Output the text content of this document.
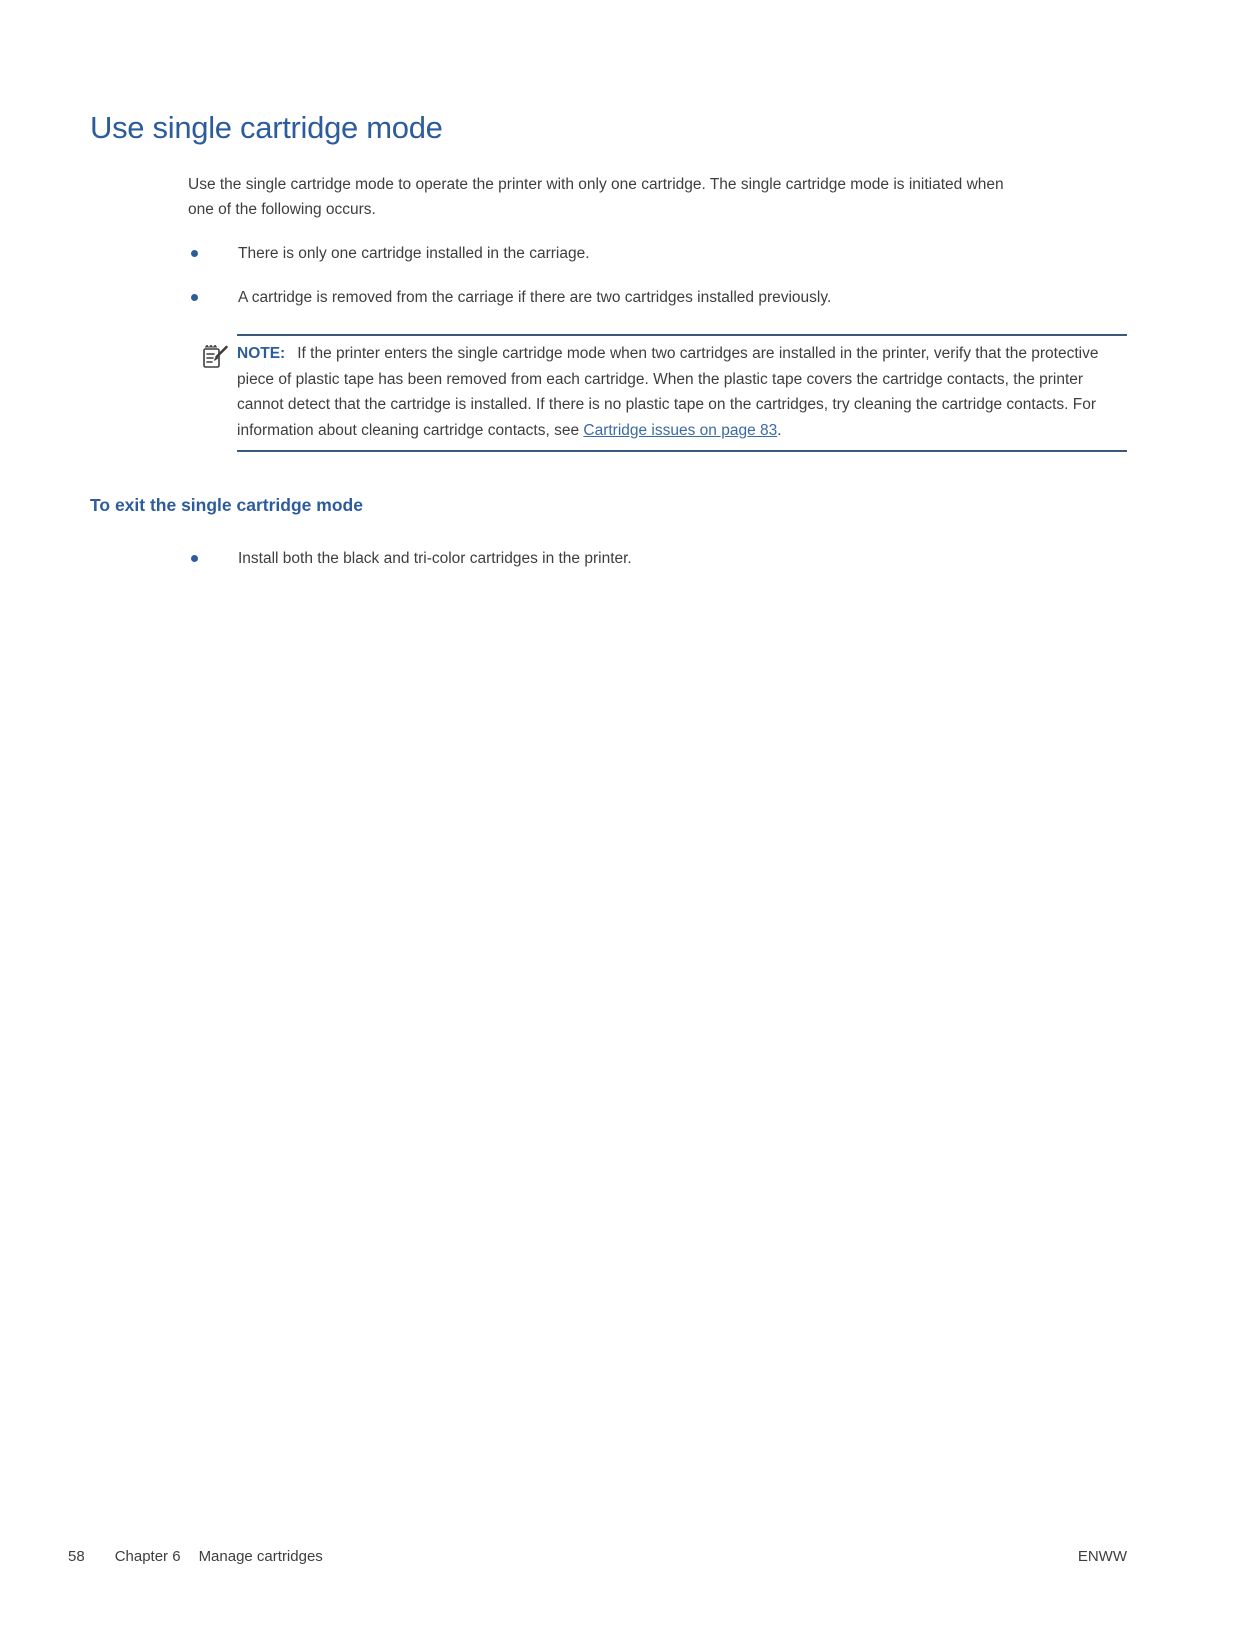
Use single cartridge mode

Use the single cartridge mode to operate the printer with only one cartridge. The single cartridge mode is initiated when one of the following occurs.

There is only one cartridge installed in the carriage.
A cartridge is removed from the carriage if there are two cartridges installed previously.

NOTE: If the printer enters the single cartridge mode when two cartridges are installed in the printer, verify that the protective piece of plastic tape has been removed from each cartridge. When the plastic tape covers the cartridge contacts, the printer cannot detect that the cartridge is installed. If there is no plastic tape on the cartridges, try cleaning the cartridge contacts. For information about cleaning cartridge contacts, see Cartridge issues on page 83.

To exit the single cartridge mode
Install both the black and tri-color cartridges in the printer.
58 Chapter 6 Manage cartridges	ENWW
